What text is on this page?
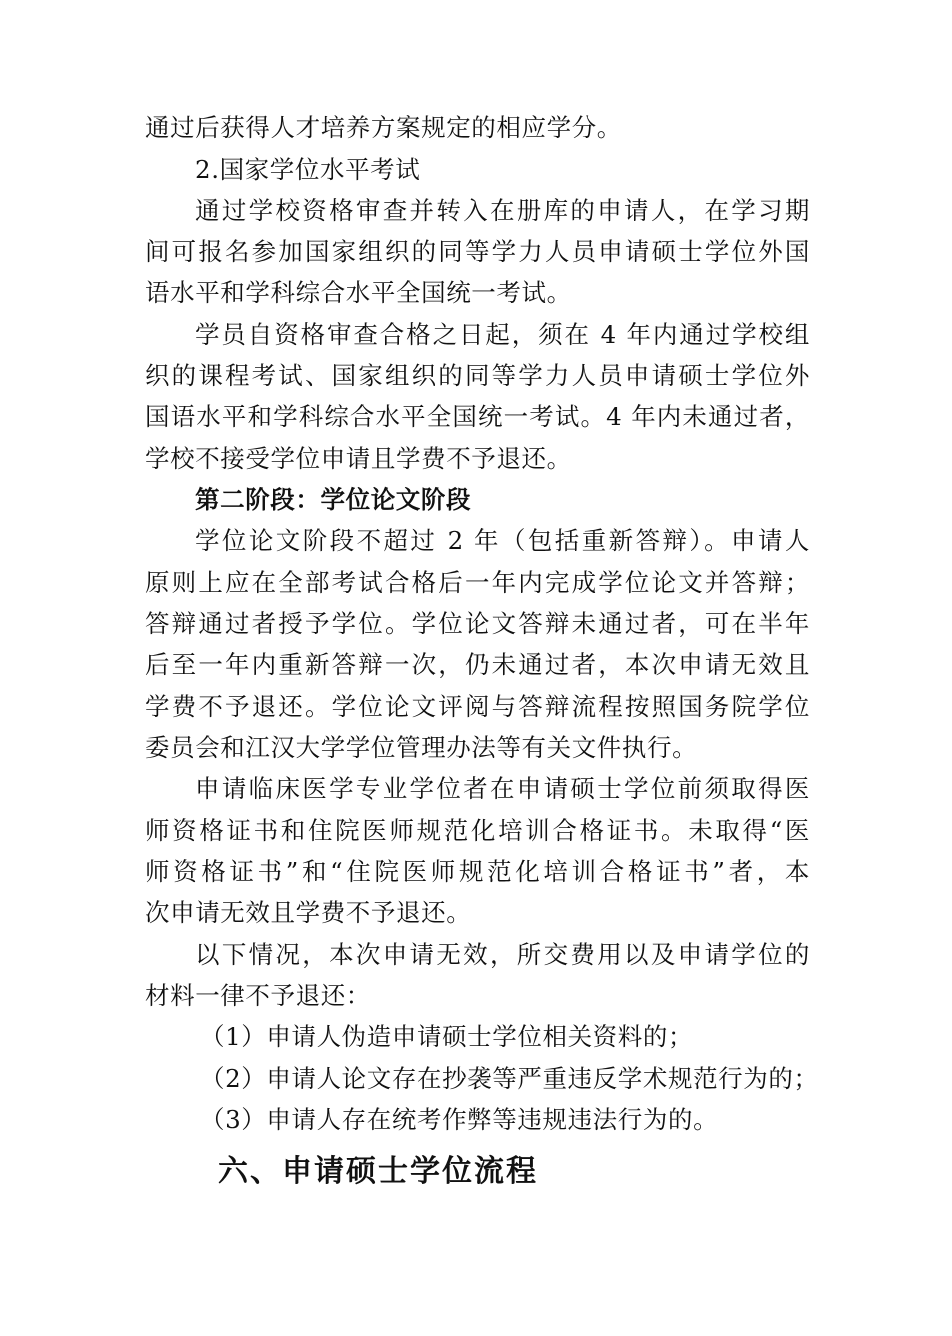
通过后获得人才培养方案规定的相应学分。
2.国家学位水平考试
通过学校资格审查并转入在册库的申请人，在学习期
间可报名参加国家组织的同等学力人员申请硕士学位外国
语水平和学科综合水平全国统一考试。
学员自资格审查合格之日起，须在 4 年内通过学校组
织的课程考试、国家组织的同等学力人员申请硕士学位外
国语水平和学科综合水平全国统一考试。4 年内未通过者，
学校不接受学位申请且学费不予退还。
第二阶段：学位论文阶段
学位论文阶段不超过 2 年（包括重新答辩）。申请人
原则上应在全部考试合格后一年内完成学位论文并答辩；
答辩通过者授予学位。学位论文答辩未通过者，可在半年
后至一年内重新答辩一次，仍未通过者，本次申请无效且
学费不予退还。学位论文评阅与答辩流程按照国务院学位
委员会和江汉大学学位管理办法等有关文件执行。
申请临床医学专业学位者在申请硕士学位前须取得医
师资格证书和住院医师规范化培训合格证书。未取得“医
师资格证书”和“住院医师规范化培训合格证书”者，本
次申请无效且学费不予退还。
以下情况，本次申请无效，所交费用以及申请学位的
材料一律不予退还：
（1）申请人伪造申请硕士学位相关资料的；
（2）申请人论文存在抄袭等严重违反学术规范行为的；
（3）申请人存在统考作弊等违规违法行为的。
六、申请硕士学位流程
